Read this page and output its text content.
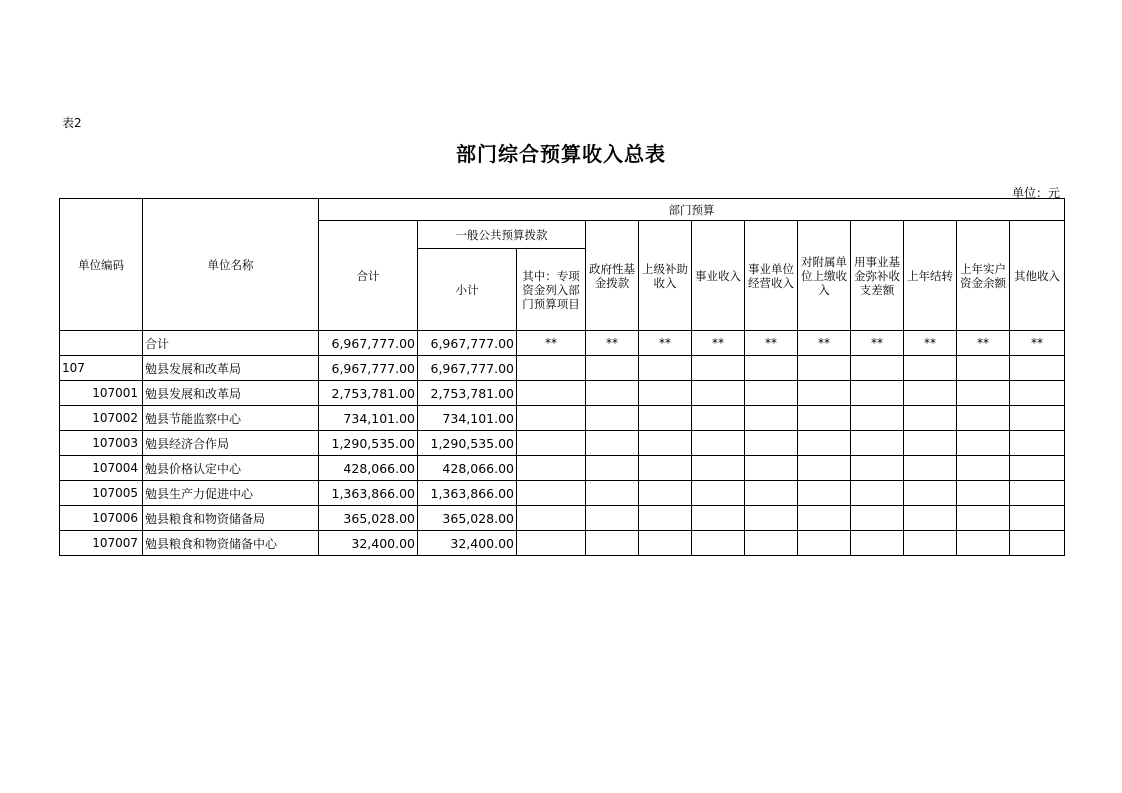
表2
部门综合预算收入总表
单位：元
单位编码	单位名称	部门预算											
		合计	一般公共预算拨款		政府性基金拨款	上级补助收入	事业收入	事业单位经营收入	对附属单位上缴收入	用事业基金弥补收支差额	上年结转	上年实户资金余额	其他收入
			小计	其中：专项资金列入部门预算项目									
	合计	6,967,777.00	6,967,777.00	**	**	**	**	**	**	**	**	**	**
107	勉县发展和改革局	6,967,777.00	6,967,777.00										
107001	勉县发展和改革局	2,753,781.00	2,753,781.00										
107002	勉县节能监察中心	734,101.00	734,101.00										
107003	勉县经济合作局	1,290,535.00	1,290,535.00										
107004	勉县价格认定中心	428,066.00	428,066.00										
107005	勉县生产力促进中心	1,363,866.00	1,363,866.00										
107006	勉县粮食和物资储备局	365,028.00	365,028.00										
107007	勉县粮食和物资储备中心	32,400.00	32,400.00										
